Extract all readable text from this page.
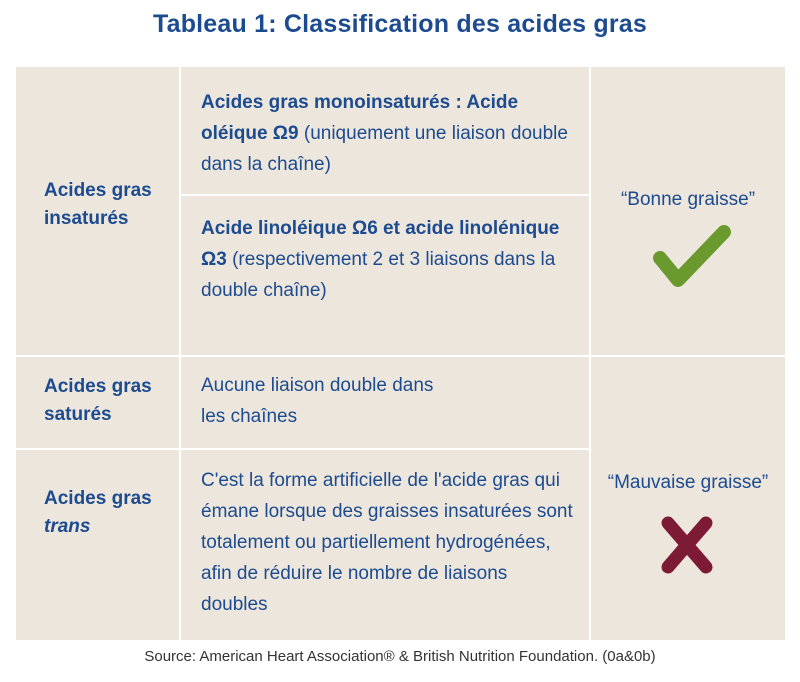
Tableau 1: Classification des acides gras
Acides gras
insaturés
Acides gras monoinsaturés : Acide oléique Ω9 (uniquement une liaison double dans la chaîne)
Acide linoléique Ω6 et acide linolénique Ω3 (respectivement 2 et 3 liaisons dans la double chaîne)
Acides gras
saturés
Aucune liaison double dans les chaînes
Acides gras
trans
C'est la forme artificielle de l'acide gras qui émane lorsque des graisses insaturées sont totalement ou partiellement hydrogénées, afin de réduire le nombre de liaisons doubles
“Bonne graisse”
“Mauvaise graisse”
Source: American Heart Association® & British Nutrition Foundation. (0a&0b)
